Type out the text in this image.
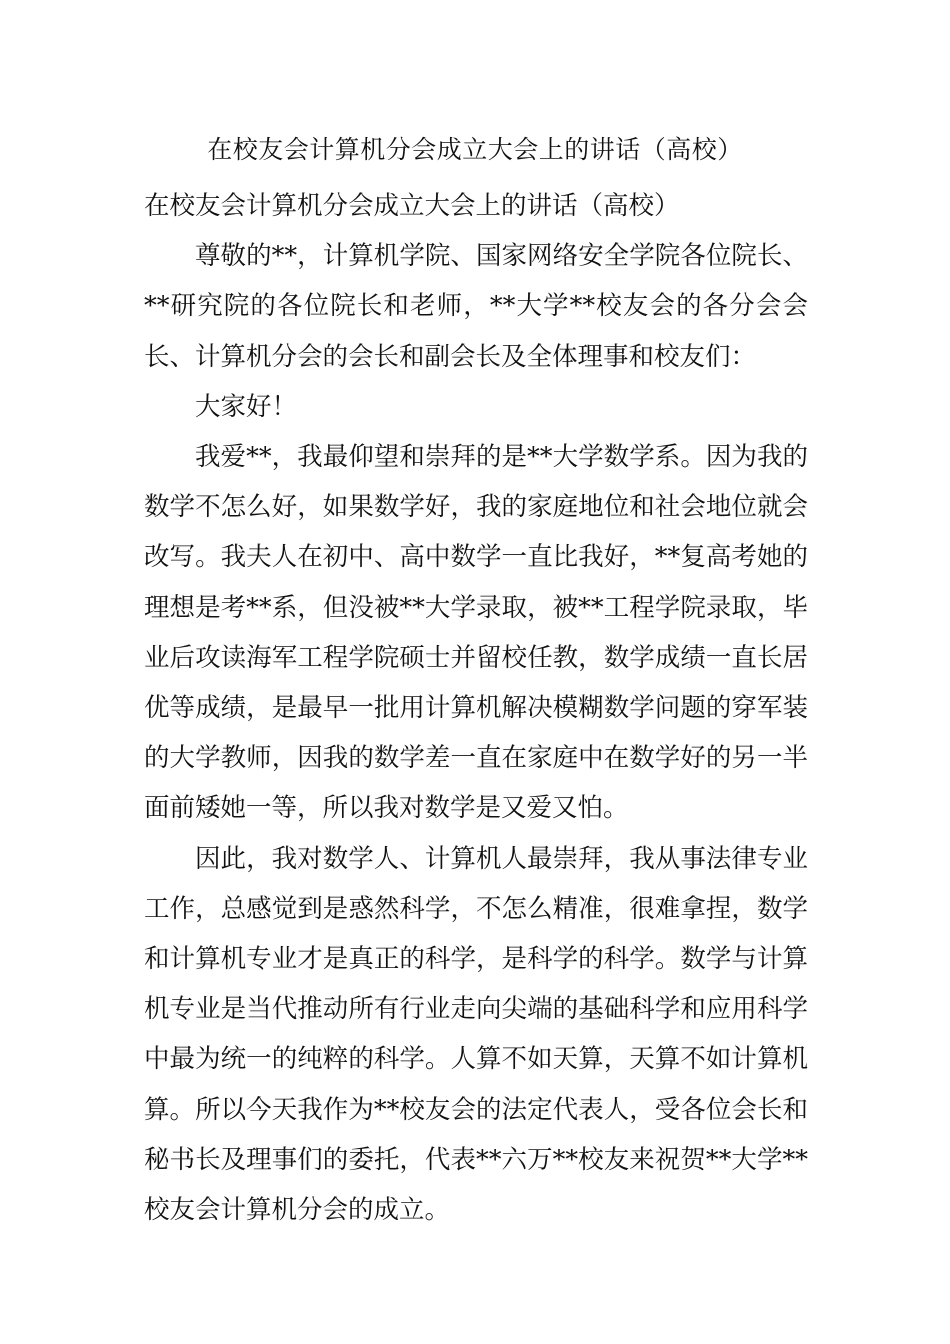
在校友会计算机分会成立大会上的讲话（高校）

在校友会计算机分会成立大会上的讲话（高校）

尊敬的**，计算机学院、国家网络安全学院各位院长、**研究院的各位院长和老师，**大学**校友会的各分会会长、计算机分会的会长和副会长及全体理事和校友们：

大家好！

我爱**，我最仰望和崇拜的是**大学数学系。因为我的数学不怎么好，如果数学好，我的家庭地位和社会地位就会改写。我夫人在初中、高中数学一直比我好，**复高考她的理想是考**系，但没被**大学录取，被**工程学院录取，毕业后攻读海军工程学院硕士并留校任教，数学成绩一直长居优等成绩，是最早一批用计算机解决模糊数学问题的穿军装的大学教师，因我的数学差一直在家庭中在数学好的另一半面前矮她一等，所以我对数学是又爱又怕。

因此，我对数学人、计算机人最崇拜，我从事法律专业工作，总感觉到是惑然科学，不怎么精准，很难拿捏，数学和计算机专业才是真正的科学，是科学的科学。数学与计算机专业是当代推动所有行业走向尖端的基础科学和应用科学中最为统一的纯粹的科学。人算不如天算，天算不如计算机算。所以今天我作为**校友会的法定代表人，受各位会长和秘书长及理事们的委托，代表**六万**校友来祝贺**大学**校友会计算机分会的成立。
